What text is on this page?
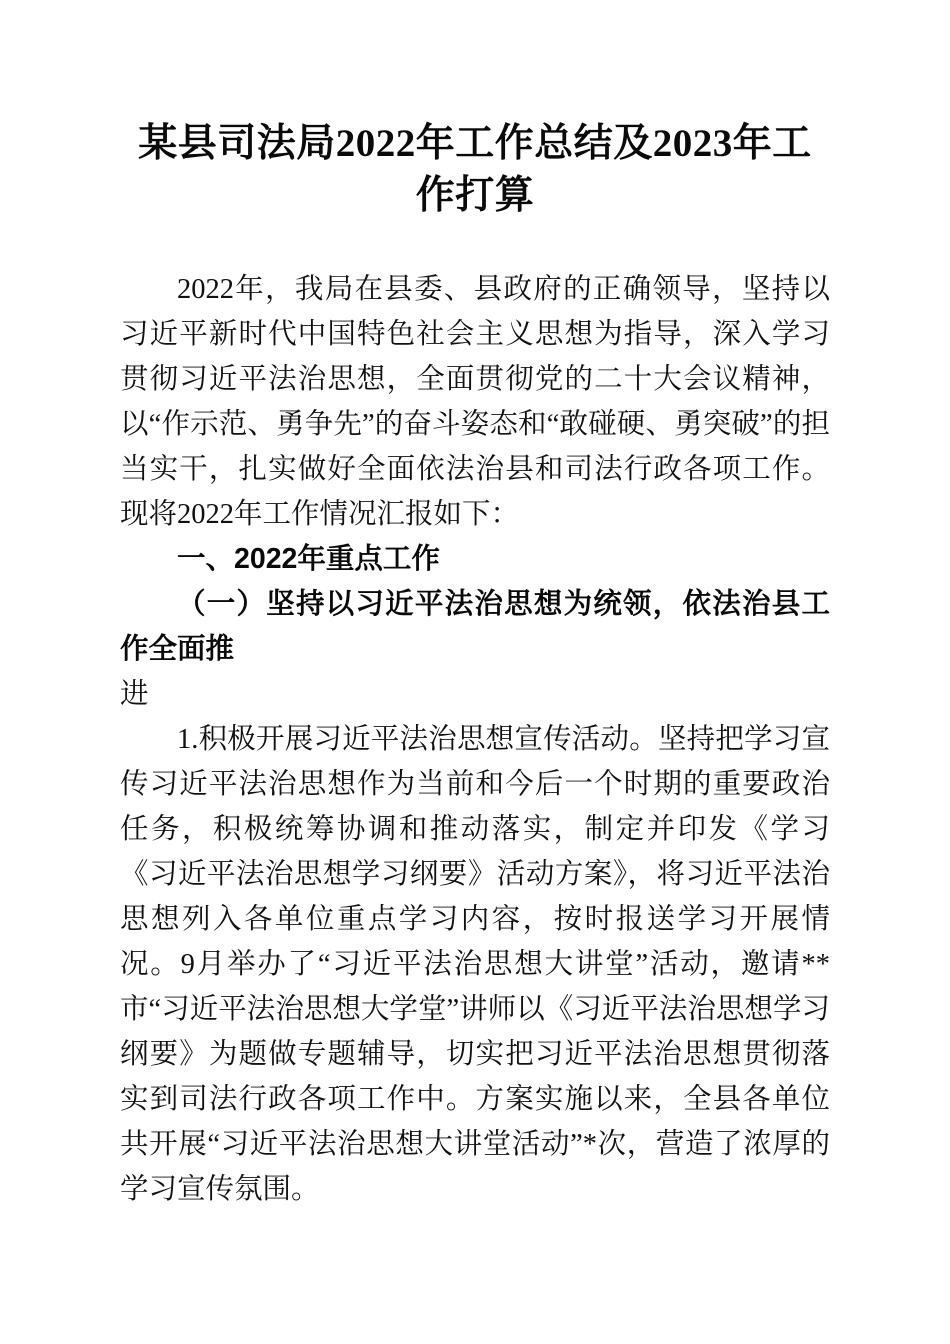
某县司法局2022年工作总结及2023年工作打算

2022年，我局在县委、县政府的正确领导，坚持以习近平新时代中国特色社会主义思想为指导，深入学习贯彻习近平法治思想，全面贯彻党的二十大会议精神，以“作示范、勇争先”的奋斗姿态和“敢碰硬、勇突破”的担当实干，扎实做好全面依法治县和司法行政各项工作。现将2022年工作情况汇报如下：

一、2022年重点工作
（一）坚持以习近平法治思想为统领，依法治县工作全面推

进

1.积极开展习近平法治思想宣传活动。坚持把学习宣传习近平法治思想作为当前和今后一个时期的重要政治任务，积极统筹协调和推动落实，制定并印发《学习《习近平法治思想学习纲要》活动方案》，将习近平法治思想列入各单位重点学习内容，按时报送学习开展情况。9月举办了“习近平法治思想大讲堂”活动，邀请**市“习近平法治思想大学堂”讲师以《习近平法治思想学习纲要》为题做专题辅导，切实把习近平法治思想贯彻落实到司法行政各项工作中。方案实施以来，全县各单位共开展“习近平法治思想大讲堂活动”*次，营造了浓厚的学习宣传氛围。
